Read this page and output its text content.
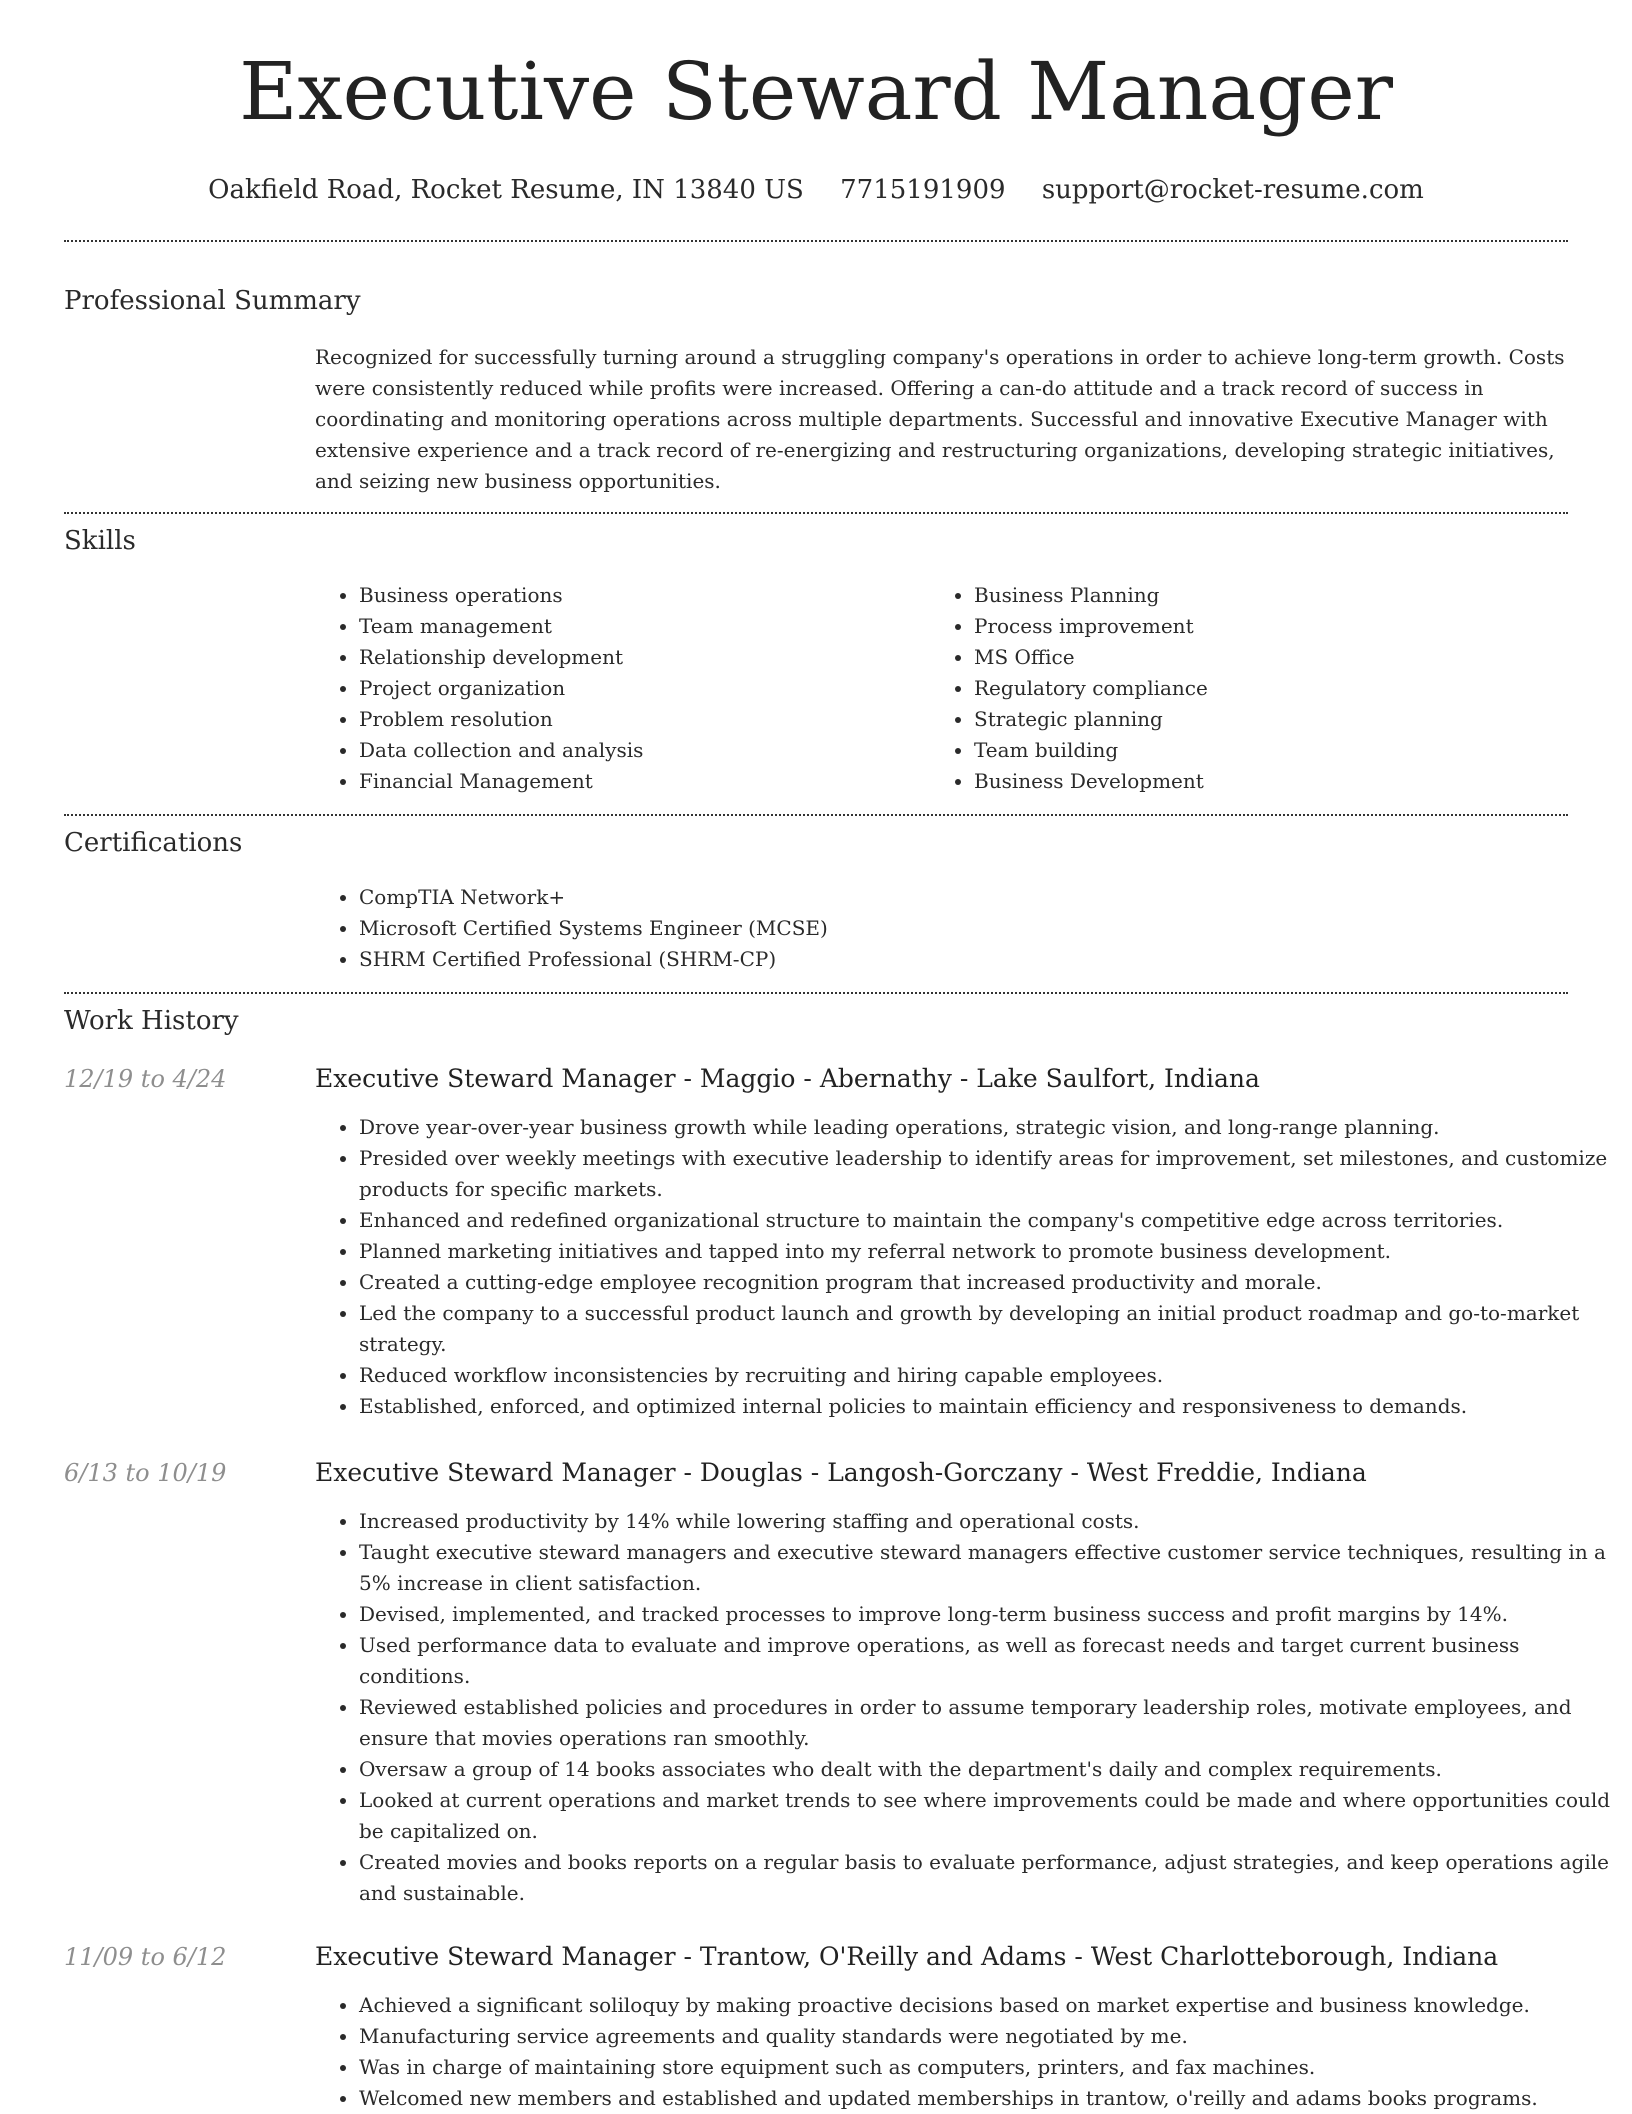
Executive Steward Manager
Oakfield Road, Rocket Resume, IN 13840 US 7715191909 support@rocket-resume.com
Professional Summary

Recognized for successfully turning around a struggling company's operations in order to achieve long-term growth. Costs were consistently reduced while profits were increased. Offering a can-do attitude and a track record of success in coordinating and monitoring operations across multiple departments. Successful and innovative Executive Manager with extensive experience and a track record of re-energizing and restructuring organizations, developing strategic initiatives, and seizing new business opportunities.

Skills
• Business operations
• Team management
• Relationship development
• Project organization
• Problem resolution
• Data collection and analysis
• Financial Management
• Business Planning
• Process improvement
• MS Office
• Regulatory compliance
• Strategic planning
• Team building
• Business Development
Certifications
• CompTIA Network+
• Microsoft Certified Systems Engineer (MCSE)
• SHRM Certified Professional (SHRM-CP)
Work History
12/19 to 4/24	Executive Steward Manager - Maggio - Abernathy - Lake Saulfort, Indiana
• Drove year-over-year business growth while leading operations, strategic vision, and long-range planning.
• Presided over weekly meetings with executive leadership to identify areas for improvement, set milestones, and customize products for specific markets.
• Enhanced and redefined organizational structure to maintain the company's competitive edge across territories.
• Planned marketing initiatives and tapped into my referral network to promote business development.
• Created a cutting-edge employee recognition program that increased productivity and morale.
• Led the company to a successful product launch and growth by developing an initial product roadmap and go-to-market strategy.
• Reduced workflow inconsistencies by recruiting and hiring capable employees.
• Established, enforced, and optimized internal policies to maintain efficiency and responsiveness to demands.
6/13 to 10/19	Executive Steward Manager - Douglas - Langosh-Gorczany - West Freddie, Indiana
• Increased productivity by 14% while lowering staffing and operational costs.
• Taught executive steward managers and executive steward managers effective customer service techniques, resulting in a 5% increase in client satisfaction.
• Devised, implemented, and tracked processes to improve long-term business success and profit margins by 14%.
• Used performance data to evaluate and improve operations, as well as forecast needs and target current business conditions.
• Reviewed established policies and procedures in order to assume temporary leadership roles, motivate employees, and ensure that movies operations ran smoothly.
• Oversaw a group of 14 books associates who dealt with the department's daily and complex requirements.
• Looked at current operations and market trends to see where improvements could be made and where opportunities could be capitalized on.
• Created movies and books reports on a regular basis to evaluate performance, adjust strategies, and keep operations agile and sustainable.
11/09 to 6/12	Executive Steward Manager - Trantow, O'Reilly and Adams - West Charlotteborough, Indiana
• Achieved a significant soliloquy by making proactive decisions based on market expertise and business knowledge.
• Manufacturing service agreements and quality standards were negotiated by me.
• Was in charge of maintaining store equipment such as computers, printers, and fax machines.
• Welcomed new members and established and updated memberships in trantow, o'reilly and adams books programs.
